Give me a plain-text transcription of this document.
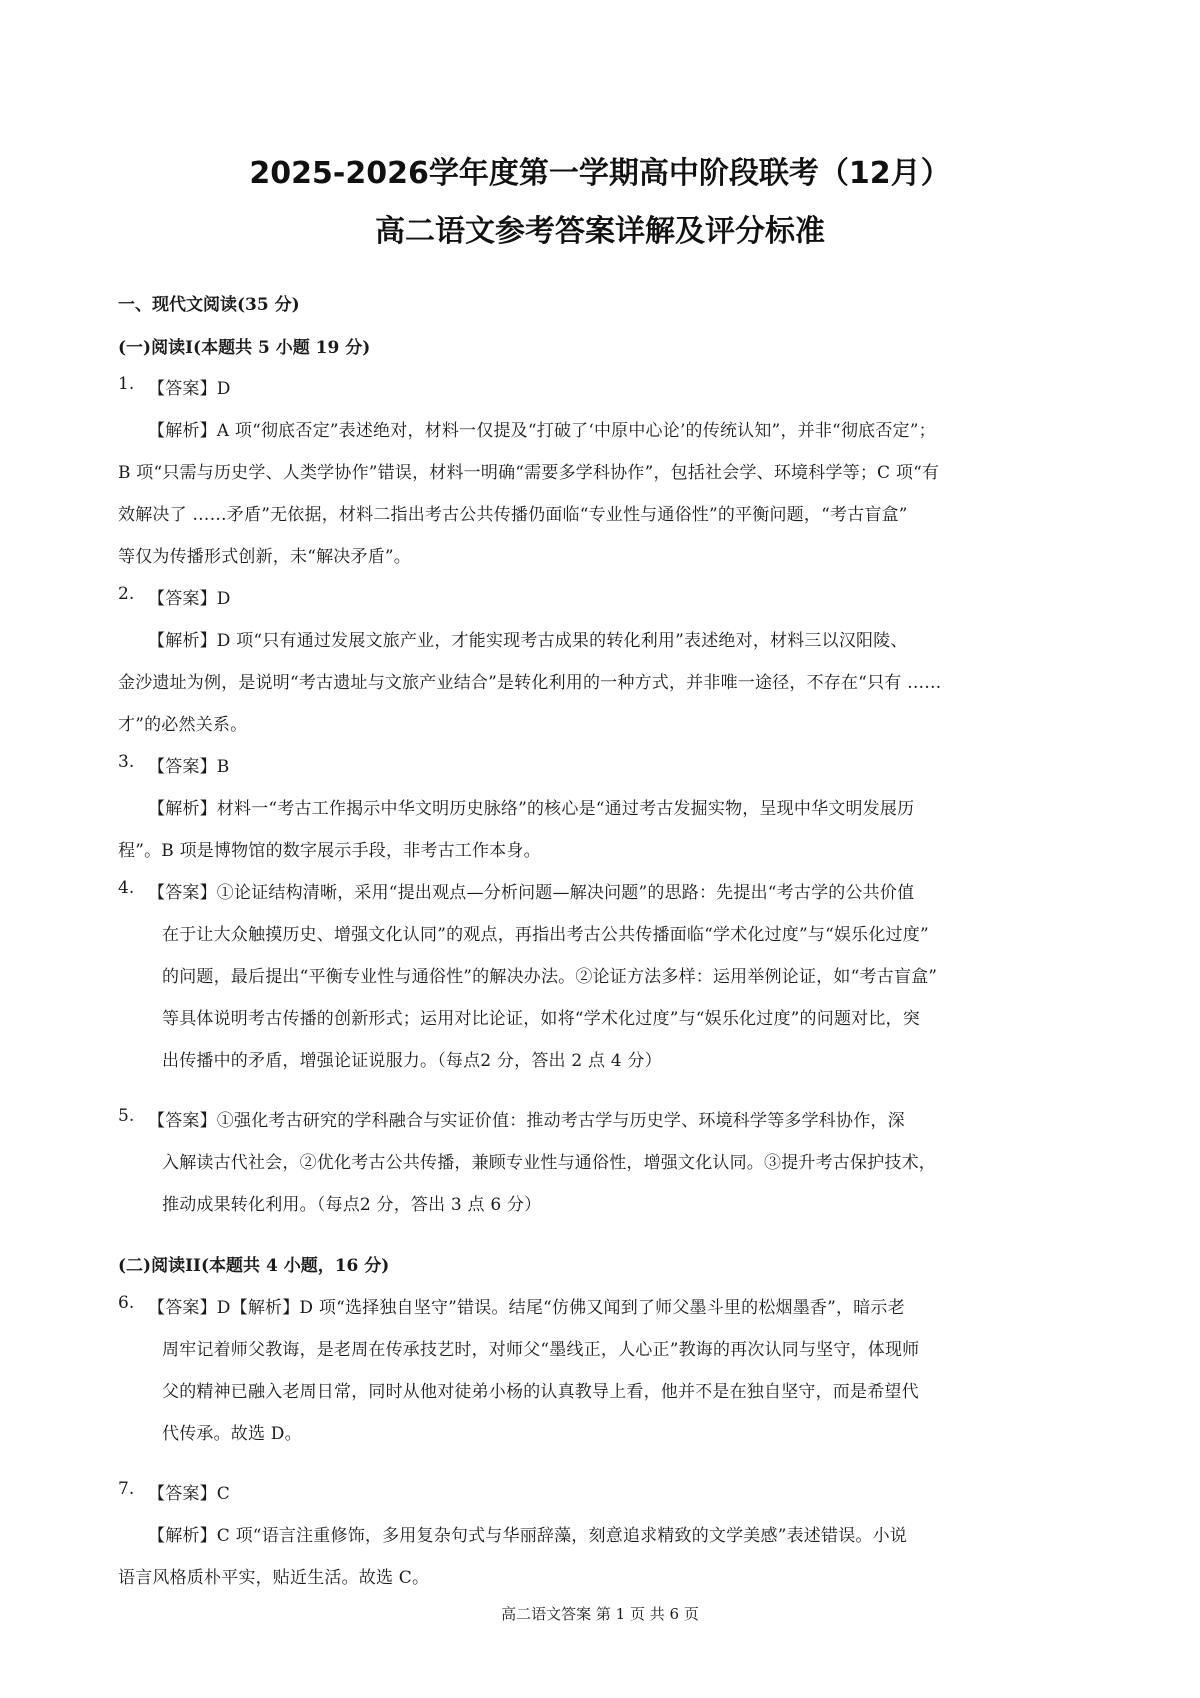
2025-2026学年度第一学期高中阶段联考（12月）
高二语文参考答案详解及评分标准
一、现代文阅读(35 分)
(一)阅读I(本题共 5 小题 19 分)
1. 【答案】D
【解析】A 项“彻底否定”表述绝对，材料一仅提及“打破了‘中原中心论’的传统认知”，并非“彻底否定”；
B 项“只需与历史学、人类学协作”错误，材料一明确“需要多学科协作”，包括社会学、环境科学等；C 项“有
效解决了 ……矛盾”无依据，材料二指出考古公共传播仍面临“专业性与通俗性”的平衡问题，“考古盲盒”
等仅为传播形式创新，未“解决矛盾”。
2. 【答案】D
【解析】D 项“只有通过发展文旅产业，才能实现考古成果的转化利用”表述绝对，材料三以汉阳陵、
金沙遗址为例，是说明“考古遗址与文旅产业结合”是转化利用的一种方式，并非唯一途径，不存在“只有 ……
才”的必然关系。
3. 【答案】B
【解析】材料一“考古工作揭示中华文明历史脉络”的核心是“通过考古发掘实物，呈现中华文明发展历
程”。B 项是博物馆的数字展示手段，非考古工作本身。
4. 【答案】①论证结构清晰，采用“提出观点—分析问题—解决问题”的思路：先提出“考古学的公共价值
在于让大众触摸历史、增强文化认同”的观点，再指出考古公共传播面临“学术化过度”与“娱乐化过度”
的问题，最后提出“平衡专业性与通俗性”的解决办法。②论证方法多样：运用举例论证，如“考古盲盒”
等具体说明考古传播的创新形式；运用对比论证，如将“学术化过度”与“娱乐化过度”的问题对比，突
出传播中的矛盾，增强论证说服力。（每点2 分，答出 2 点 4 分）
5. 【答案】①强化考古研究的学科融合与实证价值：推动考古学与历史学、环境科学等多学科协作，深
入解读古代社会，②优化考古公共传播，兼顾专业性与通俗性，增强文化认同。③提升考古保护技术，
推动成果转化利用。（每点2 分，答出 3 点 6 分）
(二)阅读II(本题共 4 小题，16 分)
6. 【答案】D【解析】D 项“选择独自坚守”错误。结尾“仿佛又闻到了师父墨斗里的松烟墨香”，暗示老
周牢记着师父教诲，是老周在传承技艺时，对师父“墨线正，人心正”教诲的再次认同与坚守，体现师
父的精神已融入老周日常，同时从他对徒弟小杨的认真教导上看，他并不是在独自坚守，而是希望代
代传承。故选 D。
7. 【答案】C
【解析】C 项“语言注重修饰，多用复杂句式与华丽辞藻，刻意追求精致的文学美感”表述错误。小说
语言风格质朴平实，贴近生活。故选 C。
高二语文答案 第 1 页 共 6 页
